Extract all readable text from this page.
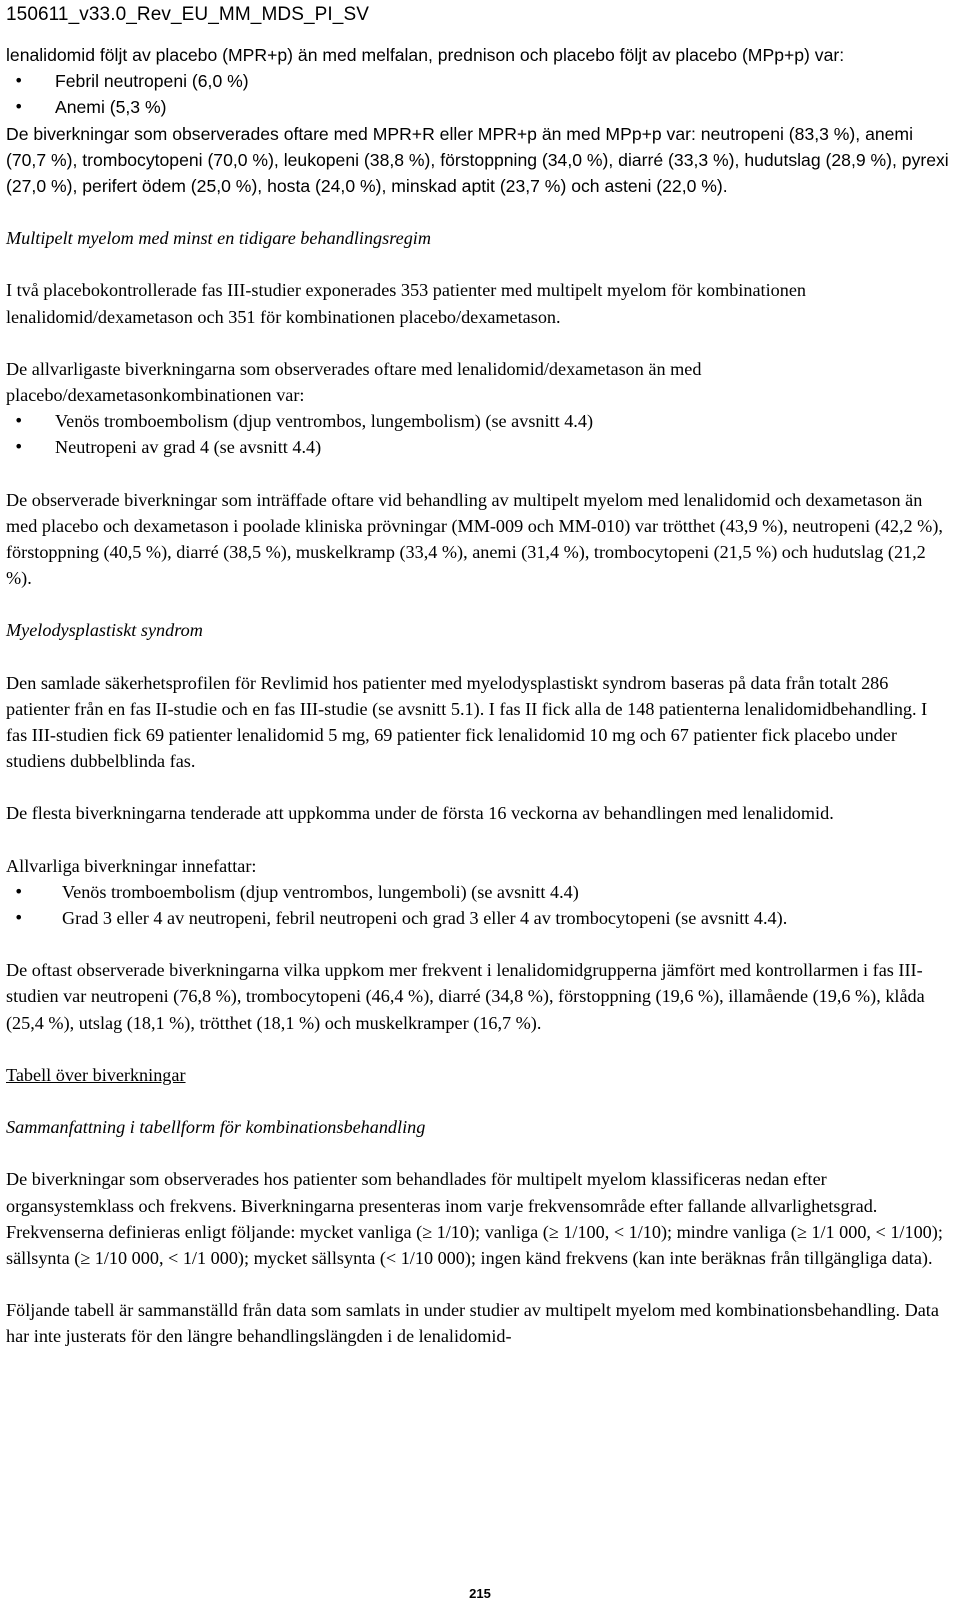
150611_v33.0_Rev_EU_MM_MDS_PI_SV

lenalidomid följt av placebo (MPR+p) än med melfalan, prednison och placebo följt av placebo (MPp+p) var:

• Febril neutropeni (6,0 %)
• Anemi (5,3 %)

De biverkningar som observerades oftare med MPR+R eller MPR+p än med MPp+p var: neutropeni (83,3 %), anemi (70,7 %), trombocytopeni (70,0 %), leukopeni (38,8 %), förstoppning (34,0 %), diarré (33,3 %), hudutslag (28,9 %), pyrexi (27,0 %), perifert ödem (25,0 %), hosta (24,0 %), minskad aptit (23,7 %) och asteni (22,0 %).

Multipelt myelom med minst en tidigare behandlingsregim

I två placebokontrollerade fas III-studier exponerades 353 patienter med multipelt myelom för kombinationen lenalidomid/dexametason och 351 för kombinationen placebo/dexametason.

De allvarligaste biverkningarna som observerades oftare med lenalidomid/dexametason än med placebo/dexametasonkombinationen var:

• Venös tromboembolism (djup ventrombos, lungembolism) (se avsnitt 4.4)
• Neutropeni av grad 4 (se avsnitt 4.4)

De observerade biverkningar som inträffade oftare vid behandling av multipelt myelom med lenalidomid och dexametason än med placebo och dexametason i poolade kliniska prövningar (MM-009 och MM-010) var trötthet (43,9 %), neutropeni (42,2 %), förstoppning (40,5 %), diarré (38,5 %), muskelkramp (33,4 %), anemi (31,4 %), trombocytopeni (21,5 %) och hudutslag (21,2 %).

Myelodysplastiskt syndrom

Den samlade säkerhetsprofilen för Revlimid hos patienter med myelodysplastiskt syndrom baseras på data från totalt 286 patienter från en fas II-studie och en fas III-studie (se avsnitt 5.1). I fas II fick alla de 148 patienterna lenalidomidbehandling. I fas III-studien fick 69 patienter lenalidomid 5 mg, 69 patienter fick lenalidomid 10 mg och 67 patienter fick placebo under studiens dubbelblinda fas.

De flesta biverkningarna tenderade att uppkomma under de första 16 veckorna av behandlingen med lenalidomid.

Allvarliga biverkningar innefattar:

• Venös tromboembolism (djup ventrombos, lungemboli) (se avsnitt 4.4)
• Grad 3 eller 4 av neutropeni, febril neutropeni och grad 3 eller 4 av trombocytopeni (se avsnitt 4.4).

De oftast observerade biverkningarna vilka uppkom mer frekvent i lenalidomidgrupperna jämfört med kontrollarmen i fas III-studien var neutropeni (76,8 %), trombocytopeni (46,4 %), diarré (34,8 %), förstoppning (19,6 %), illamående (19,6 %), klåda (25,4 %), utslag (18,1 %), trötthet (18,1 %) och muskelkramper (16,7 %).

Tabell över biverkningar

Sammanfattning i tabellform för kombinationsbehandling

De biverkningar som observerades hos patienter som behandlades för multipelt myelom klassificeras nedan efter organsystemklass och frekvens. Biverkningarna presenteras inom varje frekvensområde efter fallande allvarlighetsgrad. Frekvenserna definieras enligt följande: mycket vanliga (≥ 1/10); vanliga (≥ 1/100, < 1/10); mindre vanliga (≥ 1/1 000, < 1/100); sällsynta (≥ 1/10 000, < 1/1 000); mycket sällsynta (< 1/10 000); ingen känd frekvens (kan inte beräknas från tillgängliga data).

Följande tabell är sammanställd från data som samlats in under studier av multipelt myelom med kombinationsbehandling. Data har inte justerats för den längre behandlingslängden i de lenalidomid-

215
